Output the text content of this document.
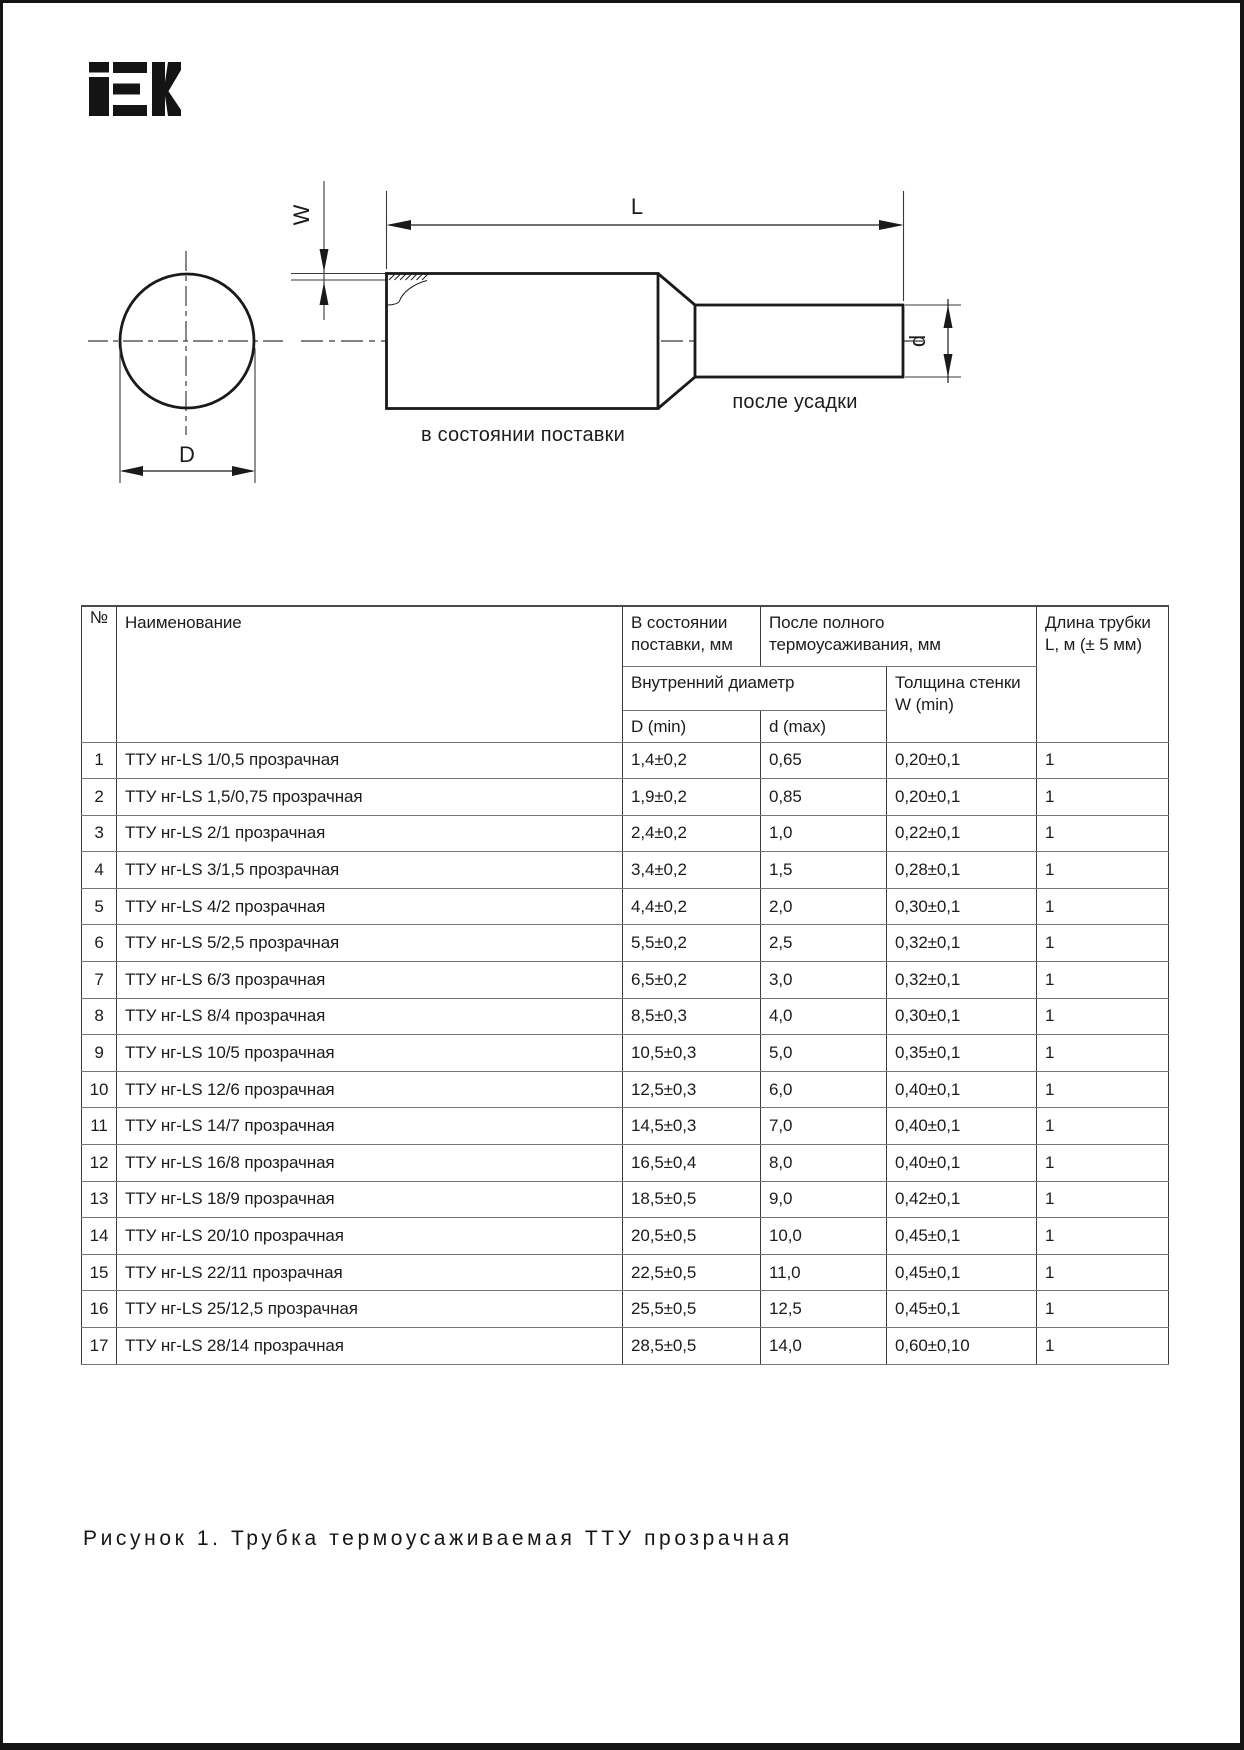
D
W	L
d
в состоянии поставки
после усадки
№	Наименование	В состоянии поставки, мм	После полного термоусаживания, мм		Длина трубки L, м (± 5 мм)
		Внутренний диаметр		Толщина стенки W (min)	
		D (min)	d (max)		
1	ТТУ нг-LS 1/0,5 прозрачная	1,4±0,2	0,65	0,20±0,1	1
2	ТТУ нг-LS 1,5/0,75 прозрачная	1,9±0,2	0,85	0,20±0,1	1
3	ТТУ нг-LS 2/1 прозрачная	2,4±0,2	1,0	0,22±0,1	1
4	ТТУ нг-LS 3/1,5 прозрачная	3,4±0,2	1,5	0,28±0,1	1
5	ТТУ нг-LS 4/2 прозрачная	4,4±0,2	2,0	0,30±0,1	1
6	ТТУ нг-LS 5/2,5 прозрачная	5,5±0,2	2,5	0,32±0,1	1
7	ТТУ нг-LS 6/3 прозрачная	6,5±0,2	3,0	0,32±0,1	1
8	ТТУ нг-LS 8/4 прозрачная	8,5±0,3	4,0	0,30±0,1	1
9	ТТУ нг-LS 10/5 прозрачная	10,5±0,3	5,0	0,35±0,1	1
10	ТТУ нг-LS 12/6 прозрачная	12,5±0,3	6,0	0,40±0,1	1
11	ТТУ нг-LS 14/7 прозрачная	14,5±0,3	7,0	0,40±0,1	1
12	ТТУ нг-LS 16/8 прозрачная	16,5±0,4	8,0	0,40±0,1	1
13	ТТУ нг-LS 18/9 прозрачная	18,5±0,5	9,0	0,42±0,1	1
14	ТТУ нг-LS 20/10 прозрачная	20,5±0,5	10,0	0,45±0,1	1
15	ТТУ нг-LS 22/11 прозрачная	22,5±0,5	11,0	0,45±0,1	1
16	ТТУ нг-LS 25/12,5 прозрачная	25,5±0,5	12,5	0,45±0,1	1
17	ТТУ нг-LS 28/14 прозрачная	28,5±0,5	14,0	0,60±0,10	1
Рисунок 1. Трубка термоусаживаемая ТТУ прозрачная
